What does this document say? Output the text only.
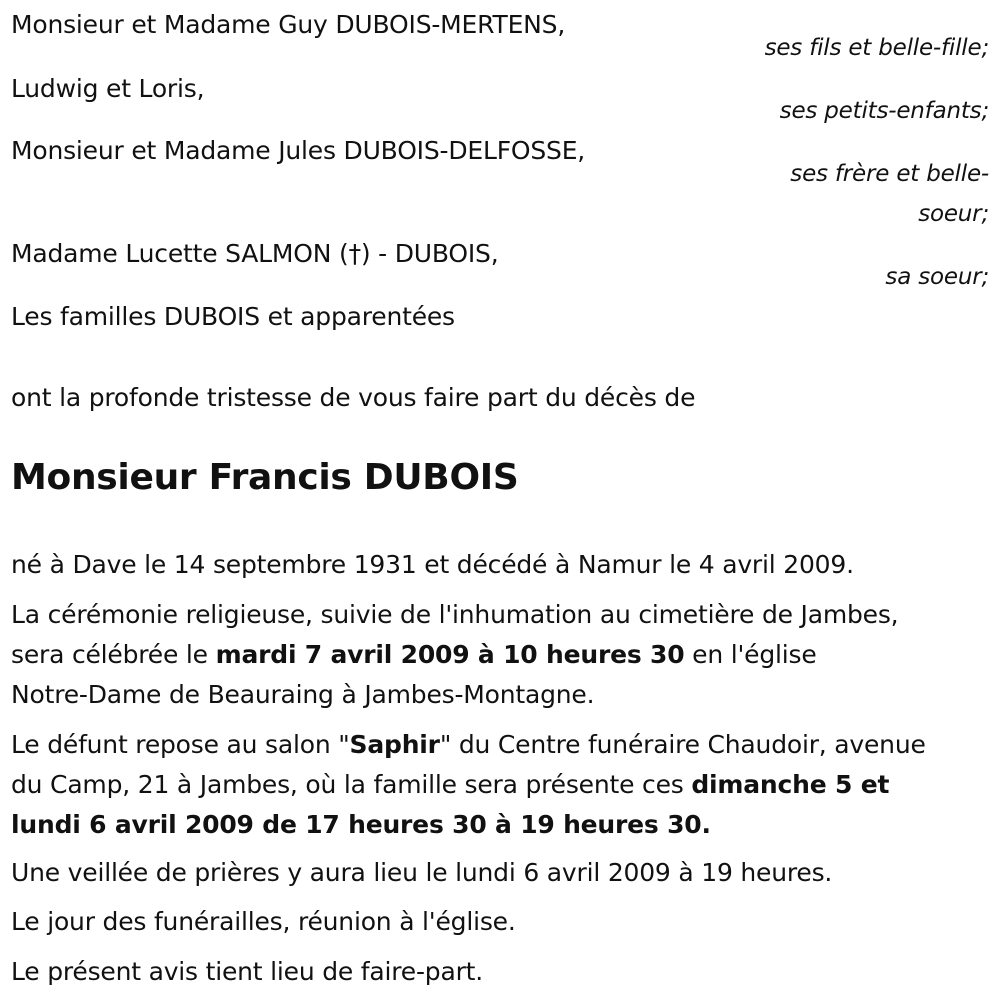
Monsieur et Madame Guy DUBOIS-MERTENS,
ses fils et belle-fille;
Ludwig et Loris,
ses petits-enfants;
Monsieur et Madame Jules DUBOIS-DELFOSSE,
ses frère et belle-
soeur;
Madame Lucette SALMON (†) - DUBOIS,
sa soeur;
Les familles DUBOIS et apparentées
ont la profonde tristesse de vous faire part du décès de
Monsieur Francis DUBOIS
né à Dave le 14 septembre 1931 et décédé à Namur le 4 avril 2009.
La cérémonie religieuse, suivie de l'inhumation au cimetière de Jambes,
sera célébrée le mardi 7 avril 2009 à 10 heures 30 en l'église
Notre-Dame de Beauraing à Jambes-Montagne.
Le défunt repose au salon "Saphir" du Centre funéraire Chaudoir, avenue
du Camp, 21 à Jambes, où la famille sera présente ces dimanche 5 et
lundi 6 avril 2009 de 17 heures 30 à 19 heures 30.
Une veillée de prières y aura lieu le lundi 6 avril 2009 à 19 heures.
Le jour des funérailles, réunion à l'église.
Le présent avis tient lieu de faire-part.
